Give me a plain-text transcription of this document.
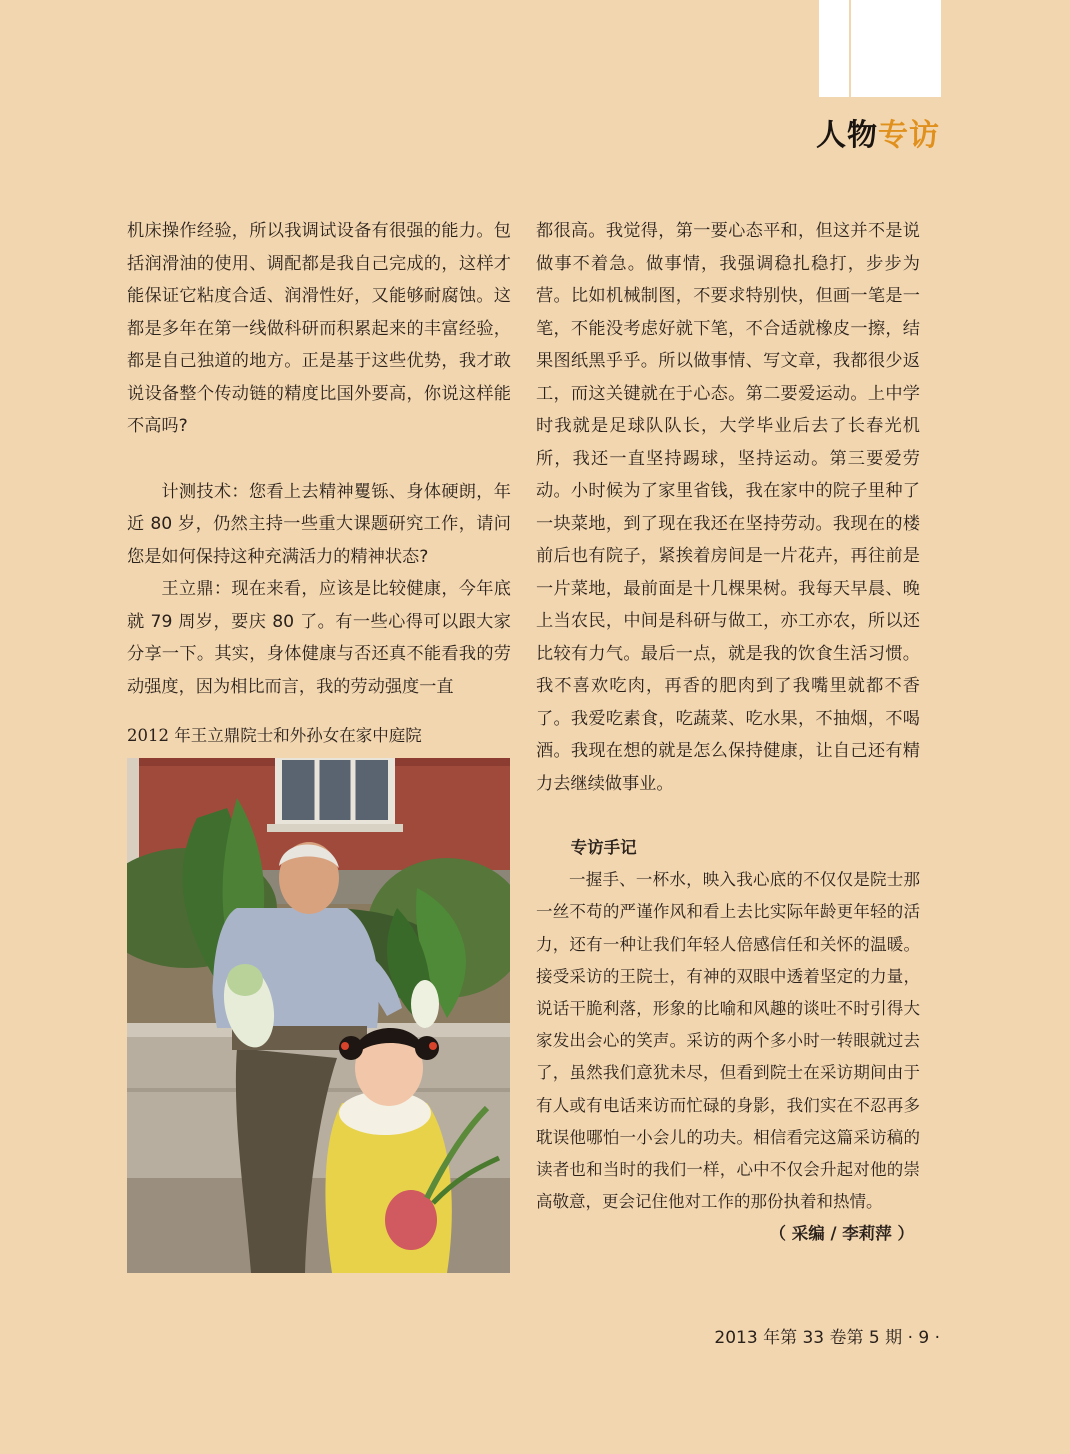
人物专访

机床操作经验，所以我调试设备有很强的能力。包括润滑油的使用、调配都是我自己完成的，这样才能保证它粘度合适、润滑性好，又能够耐腐蚀。这都是多年在第一线做科研而积累起来的丰富经验，都是自己独道的地方。正是基于这些优势，我才敢说设备整个传动链的精度比国外要高，你说这样能不高吗?

计测技术：您看上去精神矍铄、身体硬朗，年近 80 岁，仍然主持一些重大课题研究工作，请问您是如何保持这种充满活力的精神状态?

王立鼎：现在来看，应该是比较健康，今年底就 79 周岁，要庆 80 了。有一些心得可以跟大家分享一下。其实，身体健康与否还真不能看我的劳动强度，因为相比而言，我的劳动强度一直

2012 年王立鼎院士和外孙女在家中庭院

都很高。我觉得，第一要心态平和，但这并不是说做事不着急。做事情，我强调稳扎稳打，步步为营。比如机械制图，不要求特别快，但画一笔是一笔，不能没考虑好就下笔，不合适就橡皮一擦，结果图纸黑乎乎。所以做事情、写文章，我都很少返工，而这关键就在于心态。第二要爱运动。上中学时我就是足球队队长，大学毕业后去了长春光机所，我还一直坚持踢球，坚持运动。第三要爱劳动。小时候为了家里省钱，我在家中的院子里种了一块菜地，到了现在我还在坚持劳动。我现在的楼前后也有院子，紧挨着房间是一片花卉，再往前是一片菜地，最前面是十几棵果树。我每天早晨、晚上当农民，中间是科研与做工，亦工亦农，所以还比较有力气。最后一点，就是我的饮食生活习惯。我不喜欢吃肉，再香的肥肉到了我嘴里就都不香了。我爱吃素食，吃蔬菜、吃水果，不抽烟，不喝酒。我现在想的就是怎么保持健康，让自己还有精力去继续做事业。

专访手记

一握手、一杯水，映入我心底的不仅仅是院士那一丝不苟的严谨作风和看上去比实际年龄更年轻的活力，还有一种让我们年轻人倍感信任和关怀的温暖。接受采访的王院士，有神的双眼中透着坚定的力量，说话干脆利落，形象的比喻和风趣的谈吐不时引得大家发出会心的笑声。采访的两个多小时一转眼就过去了，虽然我们意犹未尽，但看到院士在采访期间由于有人或有电话来访而忙碌的身影，我们实在不忍再多耽误他哪怕一小会儿的功夫。相信看完这篇采访稿的读者也和当时的我们一样，心中不仅会升起对他的崇高敬意，更会记住他对工作的那份执着和热情。

（ 采编 / 李莉萍 ）

2013 年第 33 卷第 5 期 · 9 ·
